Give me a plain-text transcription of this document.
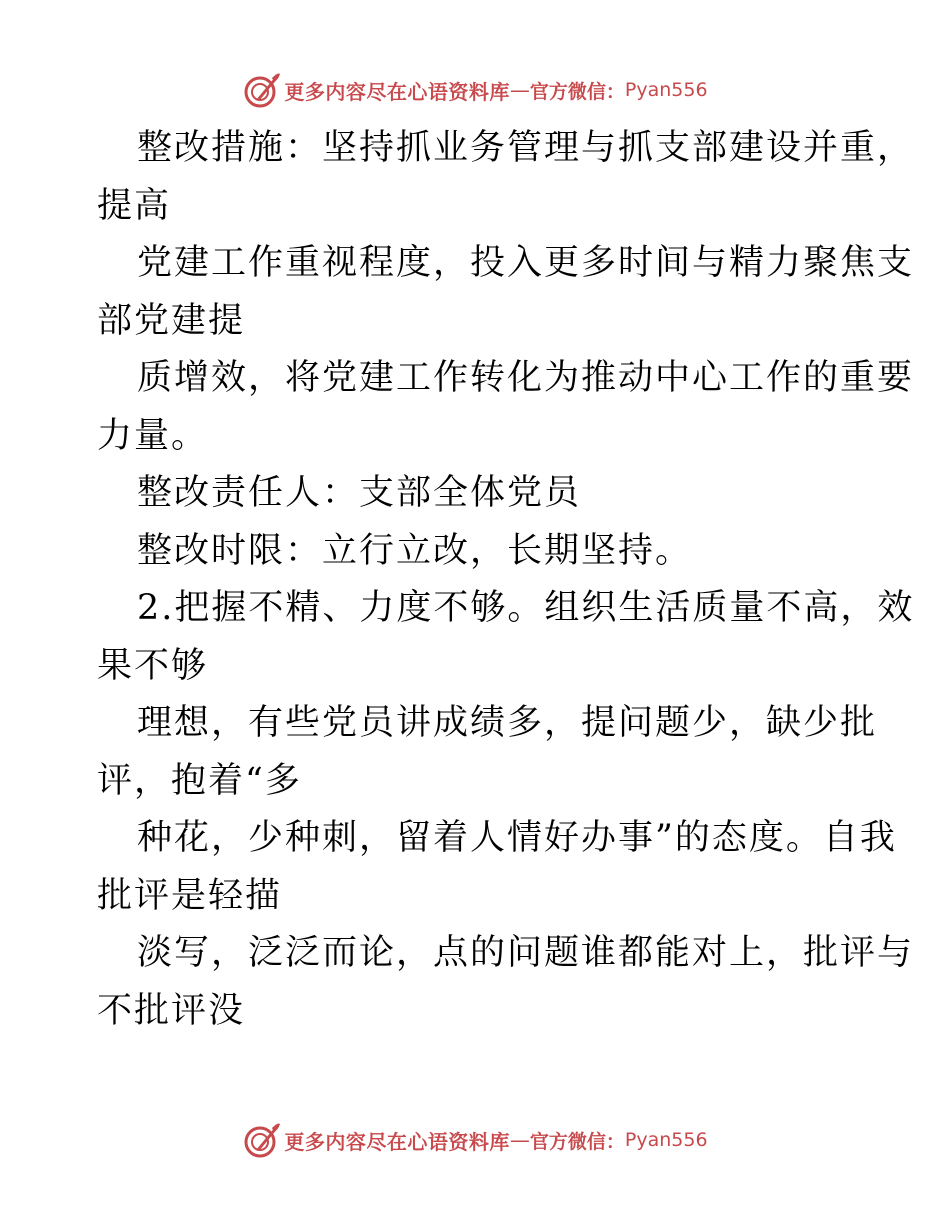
更多内容尽在心语资料库 — 官方微信： Pyan556
整改措施：坚持抓业务管理与抓支部建设并重，
提高
党建工作重视程度，投入更多时间与精力聚焦支
部党建提
质增效，将党建工作转化为推动中心工作的重要
力量。
整改责任人：支部全体党员
整改时限：立行立改，长期坚持。
2.把握不精、力度不够。组织生活质量不高，效
果不够
理想，有些党员讲成绩多，提问题少，缺少批
评，抱着“多
种花，少种刺，留着人情好办事”的态度。自我
批评是轻描
淡写，泛泛而论，点的问题谁都能对上，批评与
不批评没
更多内容尽在心语资料库 — 官方微信： Pyan556
